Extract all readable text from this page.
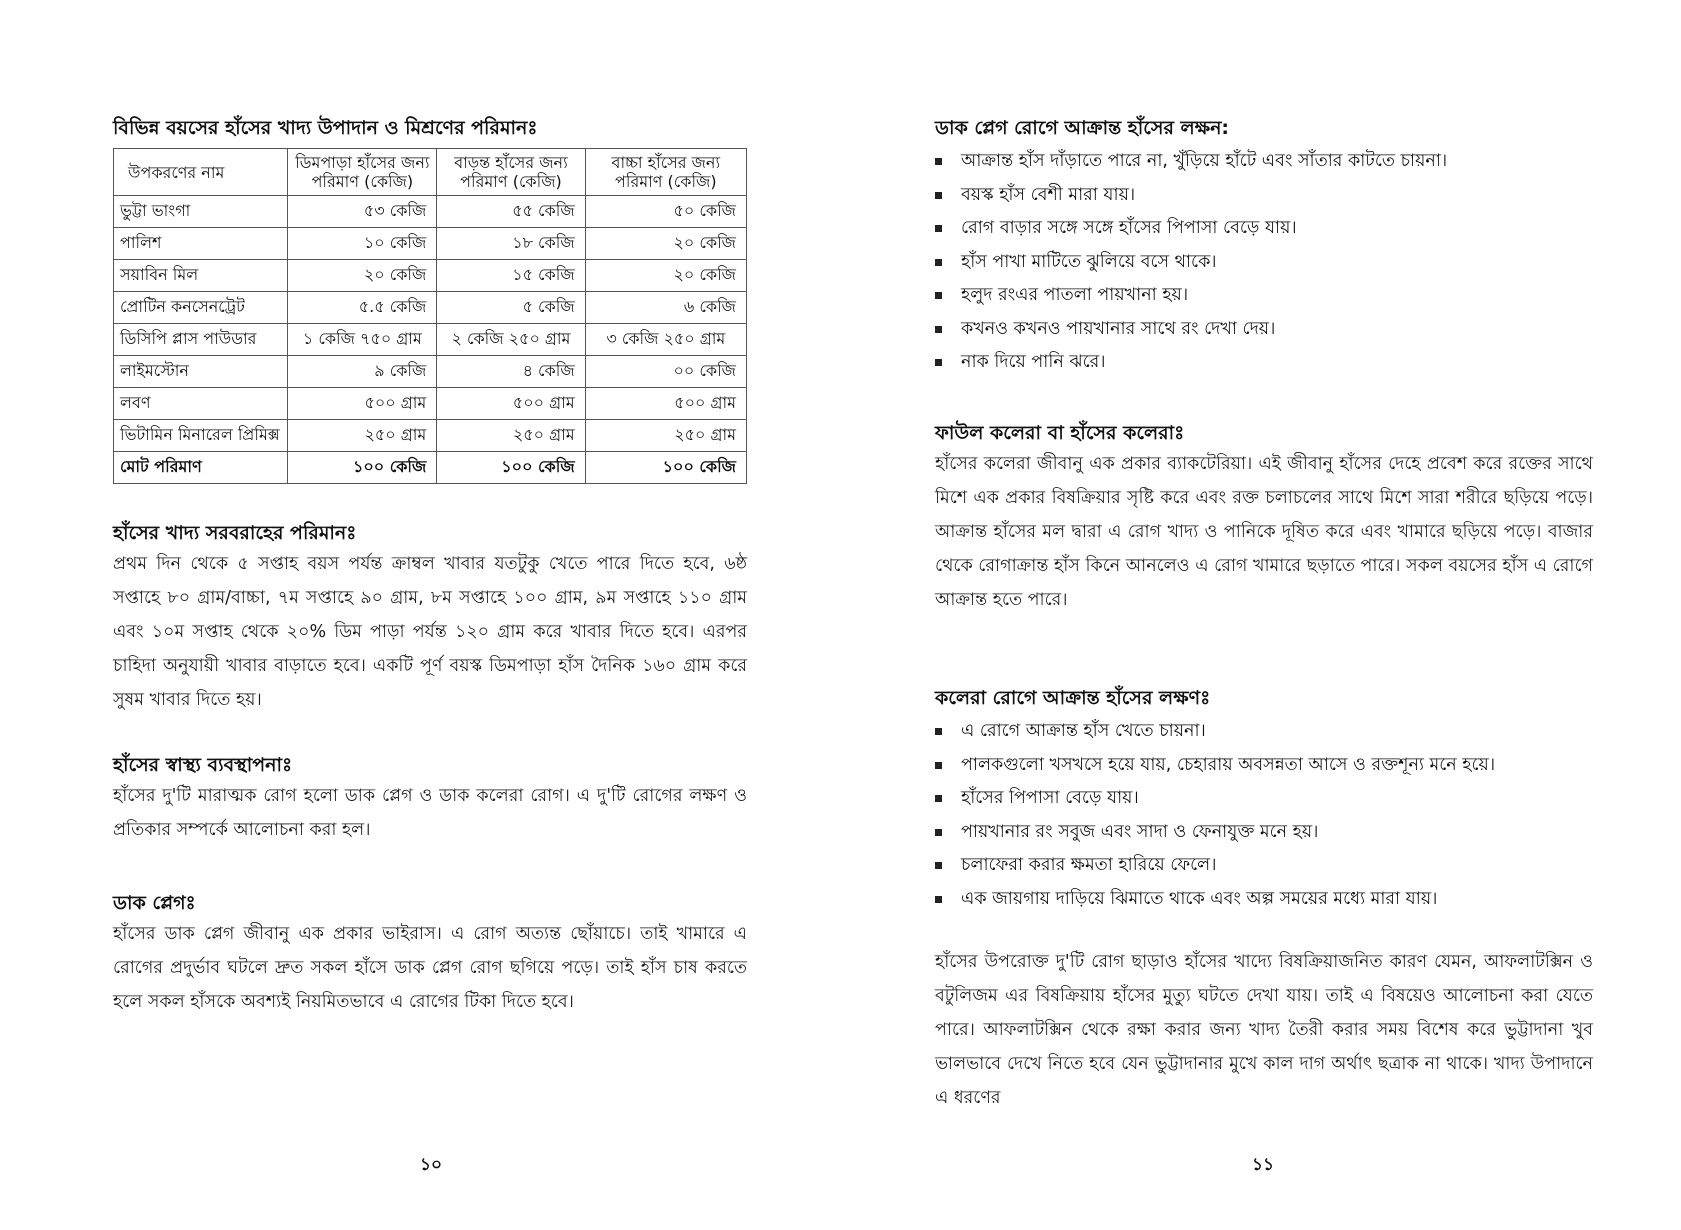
বিভিন্ন বয়সের হাঁসের খাদ্য উপাদান ও মিশ্রণের পরিমানঃ
উপকরণের নাম	ডিমপাড়া হাঁসের জন্য পরিমাণ (কেজি)	বাড়ন্ত হাঁসের জন্য পরিমাণ (কেজি)	বাচ্চা হাঁসের জন্য পরিমাণ (কেজি)
ভুট্টা ভাংগা	৫৩ কেজি	৫৫ কেজি	৫০ কেজি
পালিশ	১০ কেজি	১৮ কেজি	২০ কেজি
সয়াবিন মিল	২০ কেজি	১৫ কেজি	২০ কেজি
প্রোটিন কনসেনট্রেট	৫.৫ কেজি	৫ কেজি	৬ কেজি
ডিসিপি প্লাস পাউডার	১ কেজি ৭৫০ গ্রাম	২ কেজি ২৫০ গ্রাম	৩ কেজি ২৫০ গ্রাম
লাইমস্টোন	৯ কেজি	৪ কেজি	০০ কেজি
লবণ	৫০০ গ্রাম	৫০০ গ্রাম	৫০০ গ্রাম
ভিটামিন মিনারেল প্রিমিক্স	২৫০ গ্রাম	২৫০ গ্রাম	২৫০ গ্রাম
মোট পরিমাণ	১০০ কেজি	১০০ কেজি	১০০ কেজি
হাঁসের খাদ্য সরবরাহের পরিমানঃ
প্রথম দিন থেকে ৫ সপ্তাহ বয়স পর্যন্ত ক্রাম্বল খাবার যতটুকু খেতে পারে দিতে হবে, ৬ষ্ঠ সপ্তাহে ৮০ গ্রাম/বাচ্চা, ৭ম সপ্তাহে ৯০ গ্রাম, ৮ম সপ্তাহে ১০০ গ্রাম, ৯ম সপ্তাহে ১১০ গ্রাম এবং ১০ম সপ্তাহ থেকে ২০% ডিম পাড়া পর্যন্ত ১২০ গ্রাম করে খাবার দিতে হবে। এরপর চাহিদা অনুযায়ী খাবার বাড়াতে হবে। একটি পূর্ণ বয়স্ক ডিমপাড়া হাঁস দৈনিক ১৬০ গ্রাম করে সুষম খাবার দিতে হয়।
হাঁসের স্বাস্থ্য ব্যবস্থাপনাঃ
হাঁসের দু'টি মারাত্মক রোগ হলো ডাক প্লেগ ও ডাক কলেরা রোগ। এ দু'টি রোগের লক্ষণ ও প্রতিকার সম্পর্কে আলোচনা করা হল।
ডাক প্লেগঃ
হাঁসের ডাক প্লেগ জীবানু এক প্রকার ভাইরাস। এ রোগ অত্যন্ত ছোঁয়াচে। তাই খামারে এ রোগের প্রদুর্ভাব ঘটলে দ্রুত সকল হাঁসে ডাক প্লেগ রোগ ছগিয়ে পড়ে। তাই হাঁস চাষ করতে হলে সকল হাঁসকে অবশ্যই নিয়মিতভাবে এ রোগের টিকা দিতে হবে।
১০
ডাক প্লেগ রোগে আক্রান্ত হাঁসের লক্ষন:
আক্রান্ত হাঁস দাঁড়াতে পারে না, খুঁড়িয়ে হাঁটে এবং সাঁতার কাটতে চায়না।
বয়স্ক হাঁস বেশী মারা যায়।
রোগ বাড়ার সঙ্গে সঙ্গে হাঁসের পিপাসা বেড়ে যায়।
হাঁস পাখা মাটিতে ঝুলিয়ে বসে থাকে।
হলুদ রংএর পাতলা পায়খানা হয়।
কখনও কখনও পায়খানার সাথে রং দেখা দেয়।
নাক দিয়ে পানি ঝরে।
ফাউল কলেরা বা হাঁসের কলেরাঃ
হাঁসের কলেরা জীবানু এক প্রকার ব্যাকটেরিয়া। এই জীবানু হাঁসের দেহে প্রবেশ করে রক্তের সাথে মিশে এক প্রকার বিষক্রিয়ার সৃষ্টি করে এবং রক্ত চলাচলের সাথে মিশে সারা শরীরে ছড়িয়ে পড়ে। আক্রান্ত হাঁসের মল দ্বারা এ রোগ খাদ্য ও পানিকে দূষিত করে এবং খামারে ছড়িয়ে পড়ে। বাজার থেকে রোগাক্রান্ত হাঁস কিনে আনলেও এ রোগ খামারে ছড়াতে পারে। সকল বয়সের হাঁস এ রোগে আক্রান্ত হতে পারে।
কলেরা রোগে আক্রান্ত হাঁসের লক্ষণঃ
এ রোগে আক্রান্ত হাঁস খেতে চায়না।
পালকগুলো খসখসে হয়ে যায়, চেহারায় অবসন্নতা আসে ও রক্তশূন্য মনে হয়ে।
হাঁসের পিপাসা বেড়ে যায়।
পায়খানার রং সবুজ এবং সাদা ও ফেনাযুক্ত মনে হয়।
চলাফেরা করার ক্ষমতা হারিয়ে ফেলে।
এক জায়গায় দাড়িয়ে ঝিমাতে থাকে এবং অল্প সময়ের মধ্যে মারা যায়।
হাঁসের উপরোক্ত দু'টি রোগ ছাড়াও হাঁসের খাদ্যে বিষক্রিয়াজনিত কারণ যেমন, আফলাটক্সিন ও বটুলিজম এর বিষক্রিয়ায় হাঁসের মুত্যু ঘটতে দেখা যায়। তাই এ বিষয়েও আলোচনা করা যেতে পারে। আফলাটক্সিন থেকে রক্ষা করার জন্য খাদ্য তৈরী করার সময় বিশেষ করে ভুট্টাদানা খুব ভালভাবে দেখে নিতে হবে যেন ভুট্টাদানার মুখে কাল দাগ অর্থাৎ ছত্রাক না থাকে। খাদ্য উপাদানে এ ধরণের
১১
